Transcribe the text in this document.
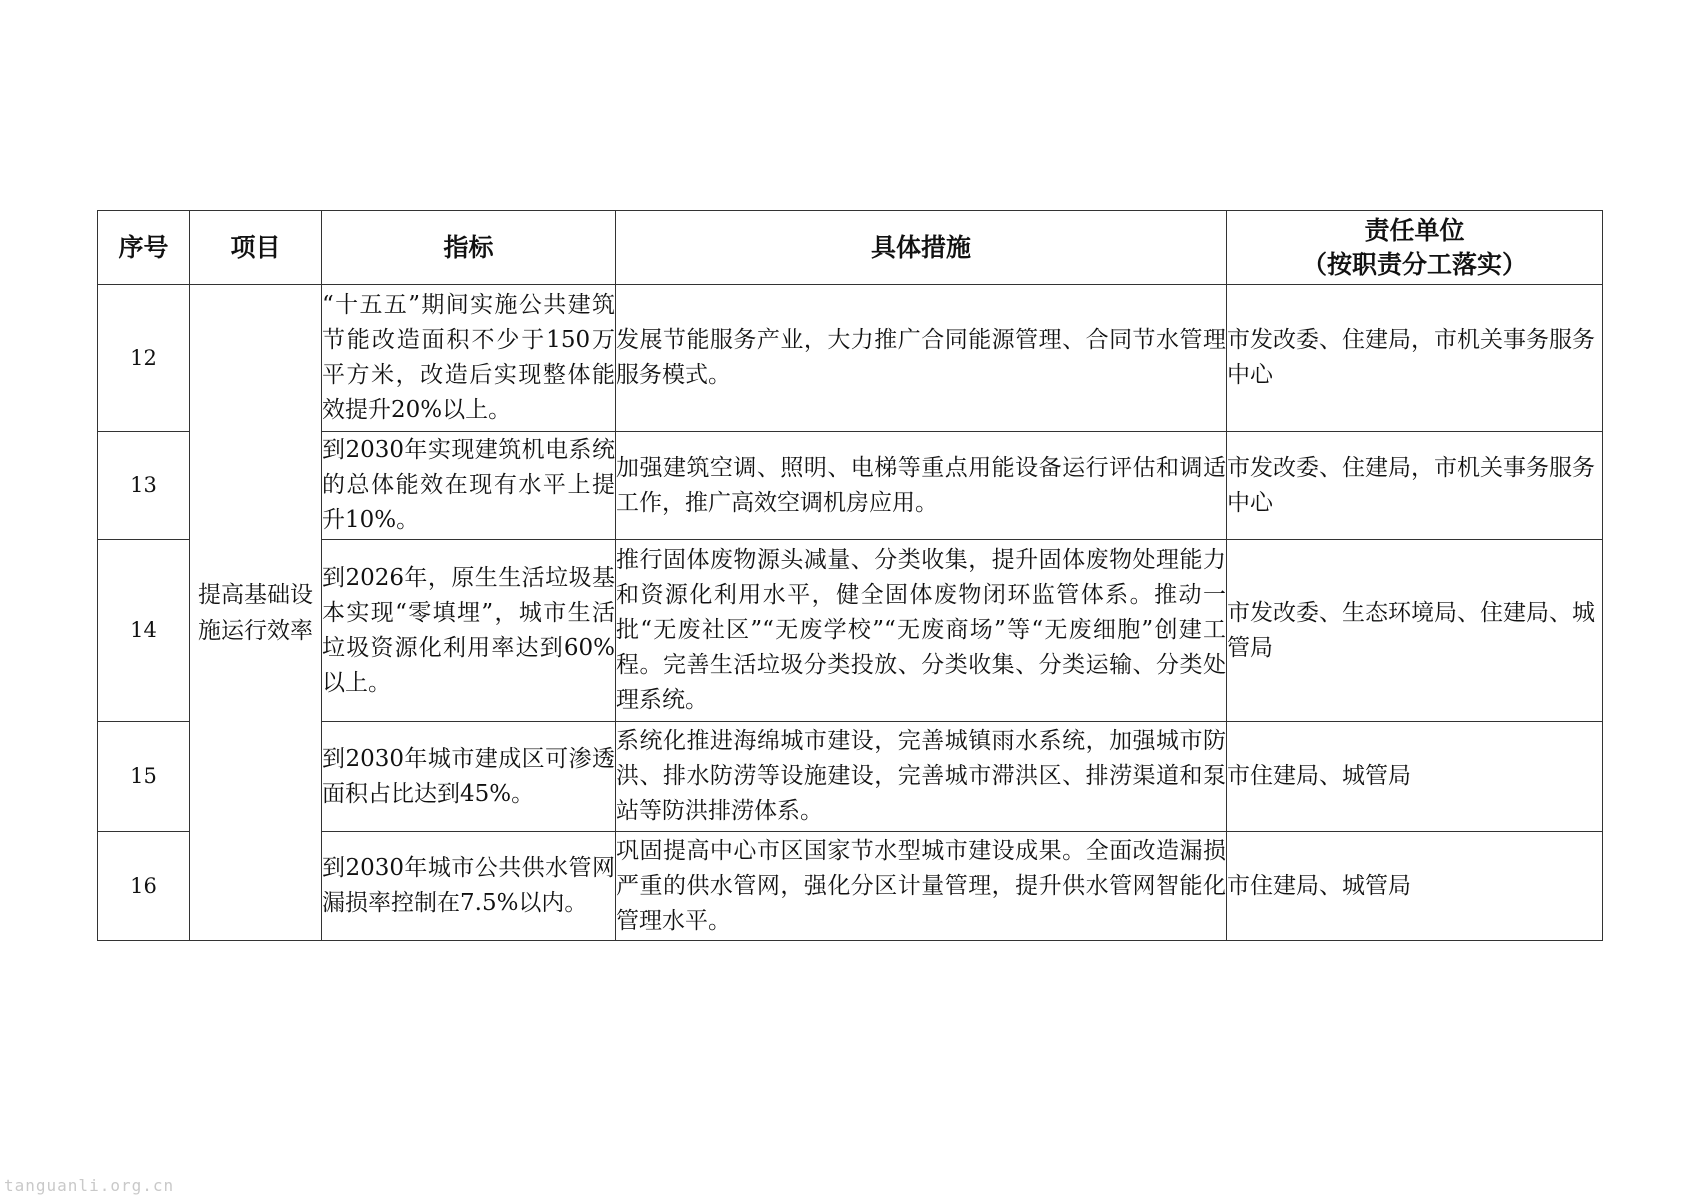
序号	项目	指标	具体措施	责任单位
（按职责分工落实）

12	提高基础设施运行效率	“十五五”期间实施公共建筑节能改造面积不少于150万平方米，改造后实现整体能效提升20%以上。	发展节能服务产业，大力推广合同能源管理、合同节水管理服务模式。	市发改委、住建局，市机关事务服务中心
13		到2030年实现建筑机电系统的总体能效在现有水平上提升10%。	加强建筑空调、照明、电梯等重点用能设备运行评估和调适工作，推广高效空调机房应用。	市发改委、住建局，市机关事务服务中心
14		到2026年，原生生活垃圾基本实现“零填埋”，城市生活垃圾资源化利用率达到60%以上。	推行固体废物源头减量、分类收集，提升固体废物处理能力和资源化利用水平，健全固体废物闭环监管体系。推动一批“无废社区”“无废学校”“无废商场”等“无废细胞”创建工程。完善生活垃圾分类投放、分类收集、分类运输、分类处理系统。	市发改委、生态环境局、住建局、城管局
15		到2030年城市建成区可渗透面积占比达到45%。	系统化推进海绵城市建设，完善城镇雨水系统，加强城市防洪、排水防涝等设施建设，完善城市滞洪区、排涝渠道和泵站等防洪排涝体系。	市住建局、城管局
16		到2030年城市公共供水管网漏损率控制在7.5%以内。	巩固提高中心市区国家节水型城市建设成果。全面改造漏损严重的供水管网，强化分区计量管理，提升供水管网智能化管理水平。	市住建局、城管局
tanguanli.org.cn
